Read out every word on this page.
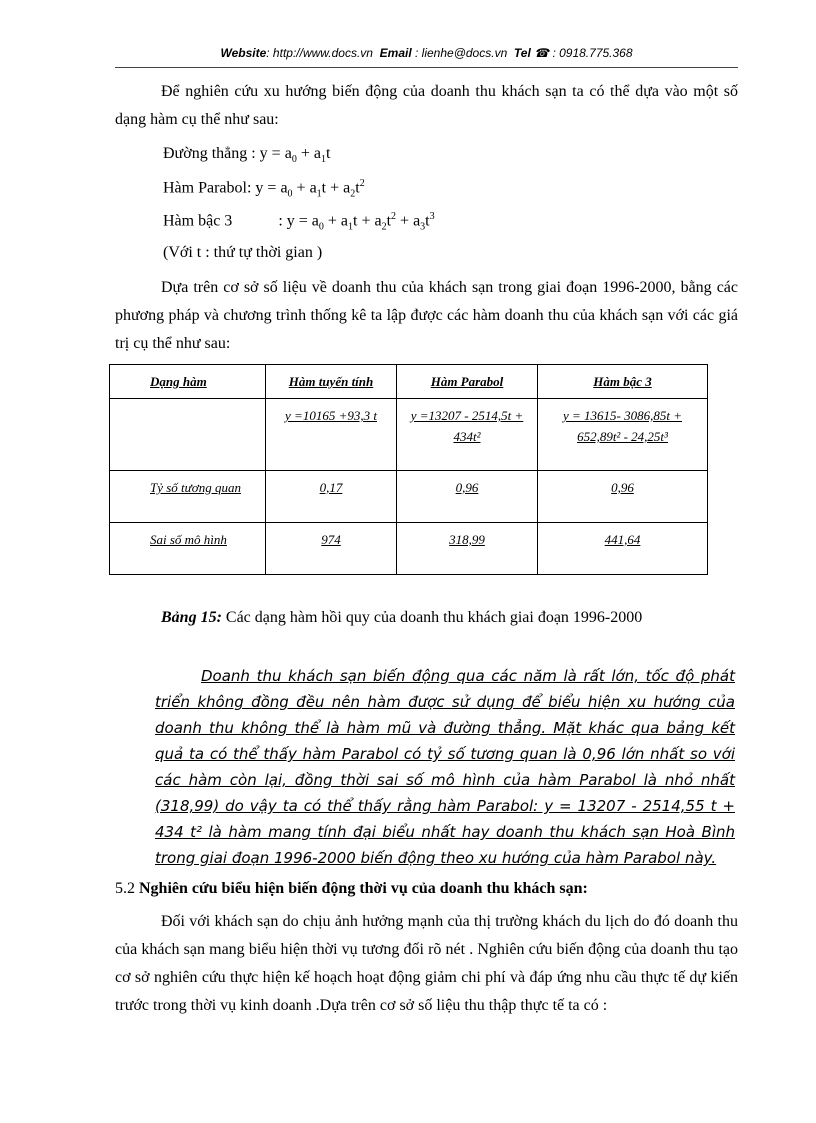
Website: http://www.docs.vn Email : lienhe@docs.vn Tel ☎ : 0918.775.368

Để nghiên cứu xu hướng biến động của doanh thu khách sạn ta có thể dựa vào một số dạng hàm cụ thể như sau:

Đường thẳng : $y = a_0 + a_1t$
Hàm Parabol: $y = a_0 + a_1t + a_2t^2$
Hàm bậc 3	: $y = a_0 + a_1t + a_2t^2 + a_3t^3$
(Với t : thứ tự thời gian )

Dựa trên cơ sở số liệu về doanh thu của khách sạn trong giai đoạn 1996-2000, bằng các phương pháp và chương trình thống kê ta lập được các hàm doanh thu của khách sạn với các giá trị cụ thể như sau:

Dạng hàm	Hàm tuyến tính	Hàm Parabol	Hàm bậc 3
	y =10165 +93,3 t	y =13207 - 2514,5t + 434t²	y = 13615- 3086,85t + 652,89t² - 24,25t³
Tỷ số tương quan	0,17	0,96	0,96
Sai số mô hình	974	318,99	441,64
Bảng 15: Các dạng hàm hồi quy của doanh thu khách giai đoạn 1996-2000

Doanh thu khách sạn biến động qua các năm là rất lớn, tốc độ phát triển không đồng đều nên hàm được sử dụng để biểu hiện xu hướng của doanh thu không thể là hàm mũ và đường thẳng. Mặt khác qua bảng kết quả ta có thể thấy hàm Parabol có tỷ số tương quan là 0,96 lớn nhất so với các hàm còn lại, đồng thời sai số mô hình của hàm Parabol là nhỏ nhất (318,99) do vậy ta có thể thấy rằng hàm Parabol: y = 13207 - 2514,55 t + 434 t² là hàm mang tính đại biểu nhất hay doanh thu khách sạn Hoà Bình trong giai đoạn 1996-2000 biến động theo xu hướng của hàm Parabol này.

5.2 Nghiên cứu biểu hiện biến động thời vụ của doanh thu khách sạn:

Đối với khách sạn do chịu ảnh hưởng mạnh của thị trường khách du lịch do đó doanh thu của khách sạn mang biểu hiện thời vụ tương đối rõ nét . Nghiên cứu biến động của doanh thu tạo cơ sở nghiên cứu thực hiện kế hoạch hoạt động giảm chi phí và đáp ứng nhu cầu thực tế dự kiến trước trong thời vụ kinh doanh .Dựa trên cơ sở số liệu thu thập thực tế ta có :
